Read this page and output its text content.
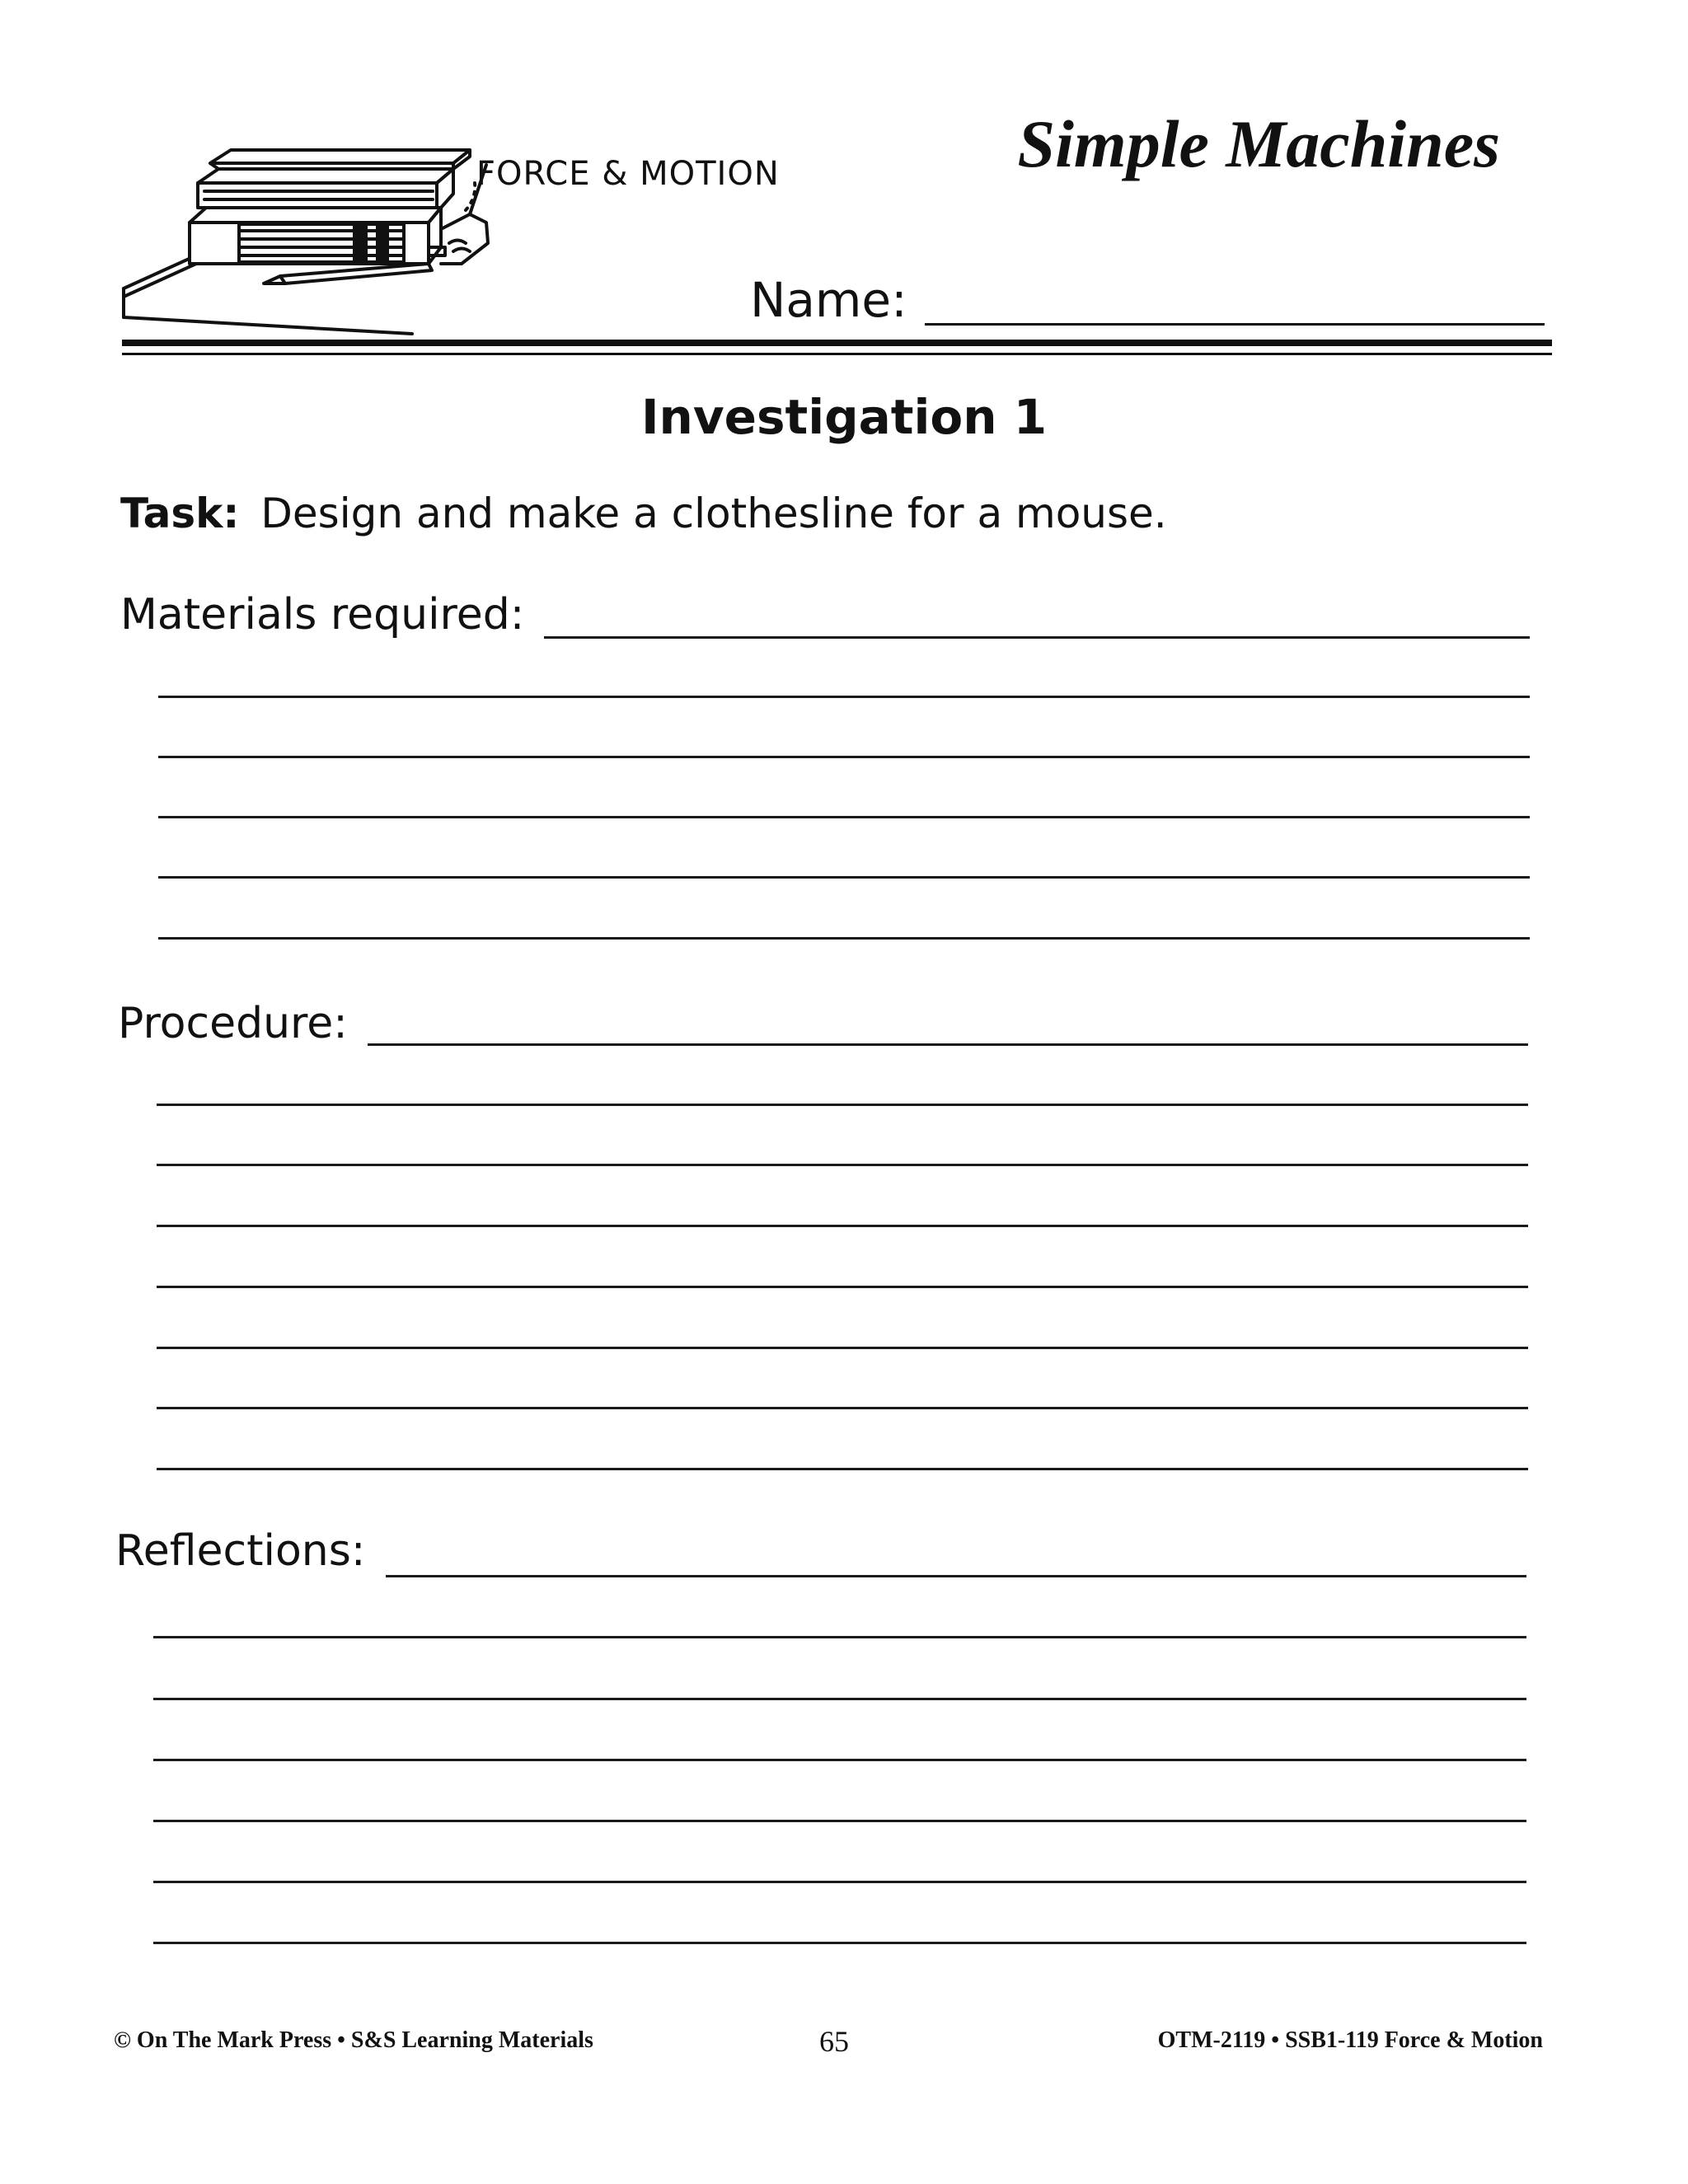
FORCE & MOTION	Simple Machines
Name:
Investigation 1
Task: Design and make a clothesline for a mouse.
Materials required:
Procedure:
Reflections:
© On The Mark Press • S&S Learning Materials	65	OTM-2119 • SSB1-119 Force & Motion
